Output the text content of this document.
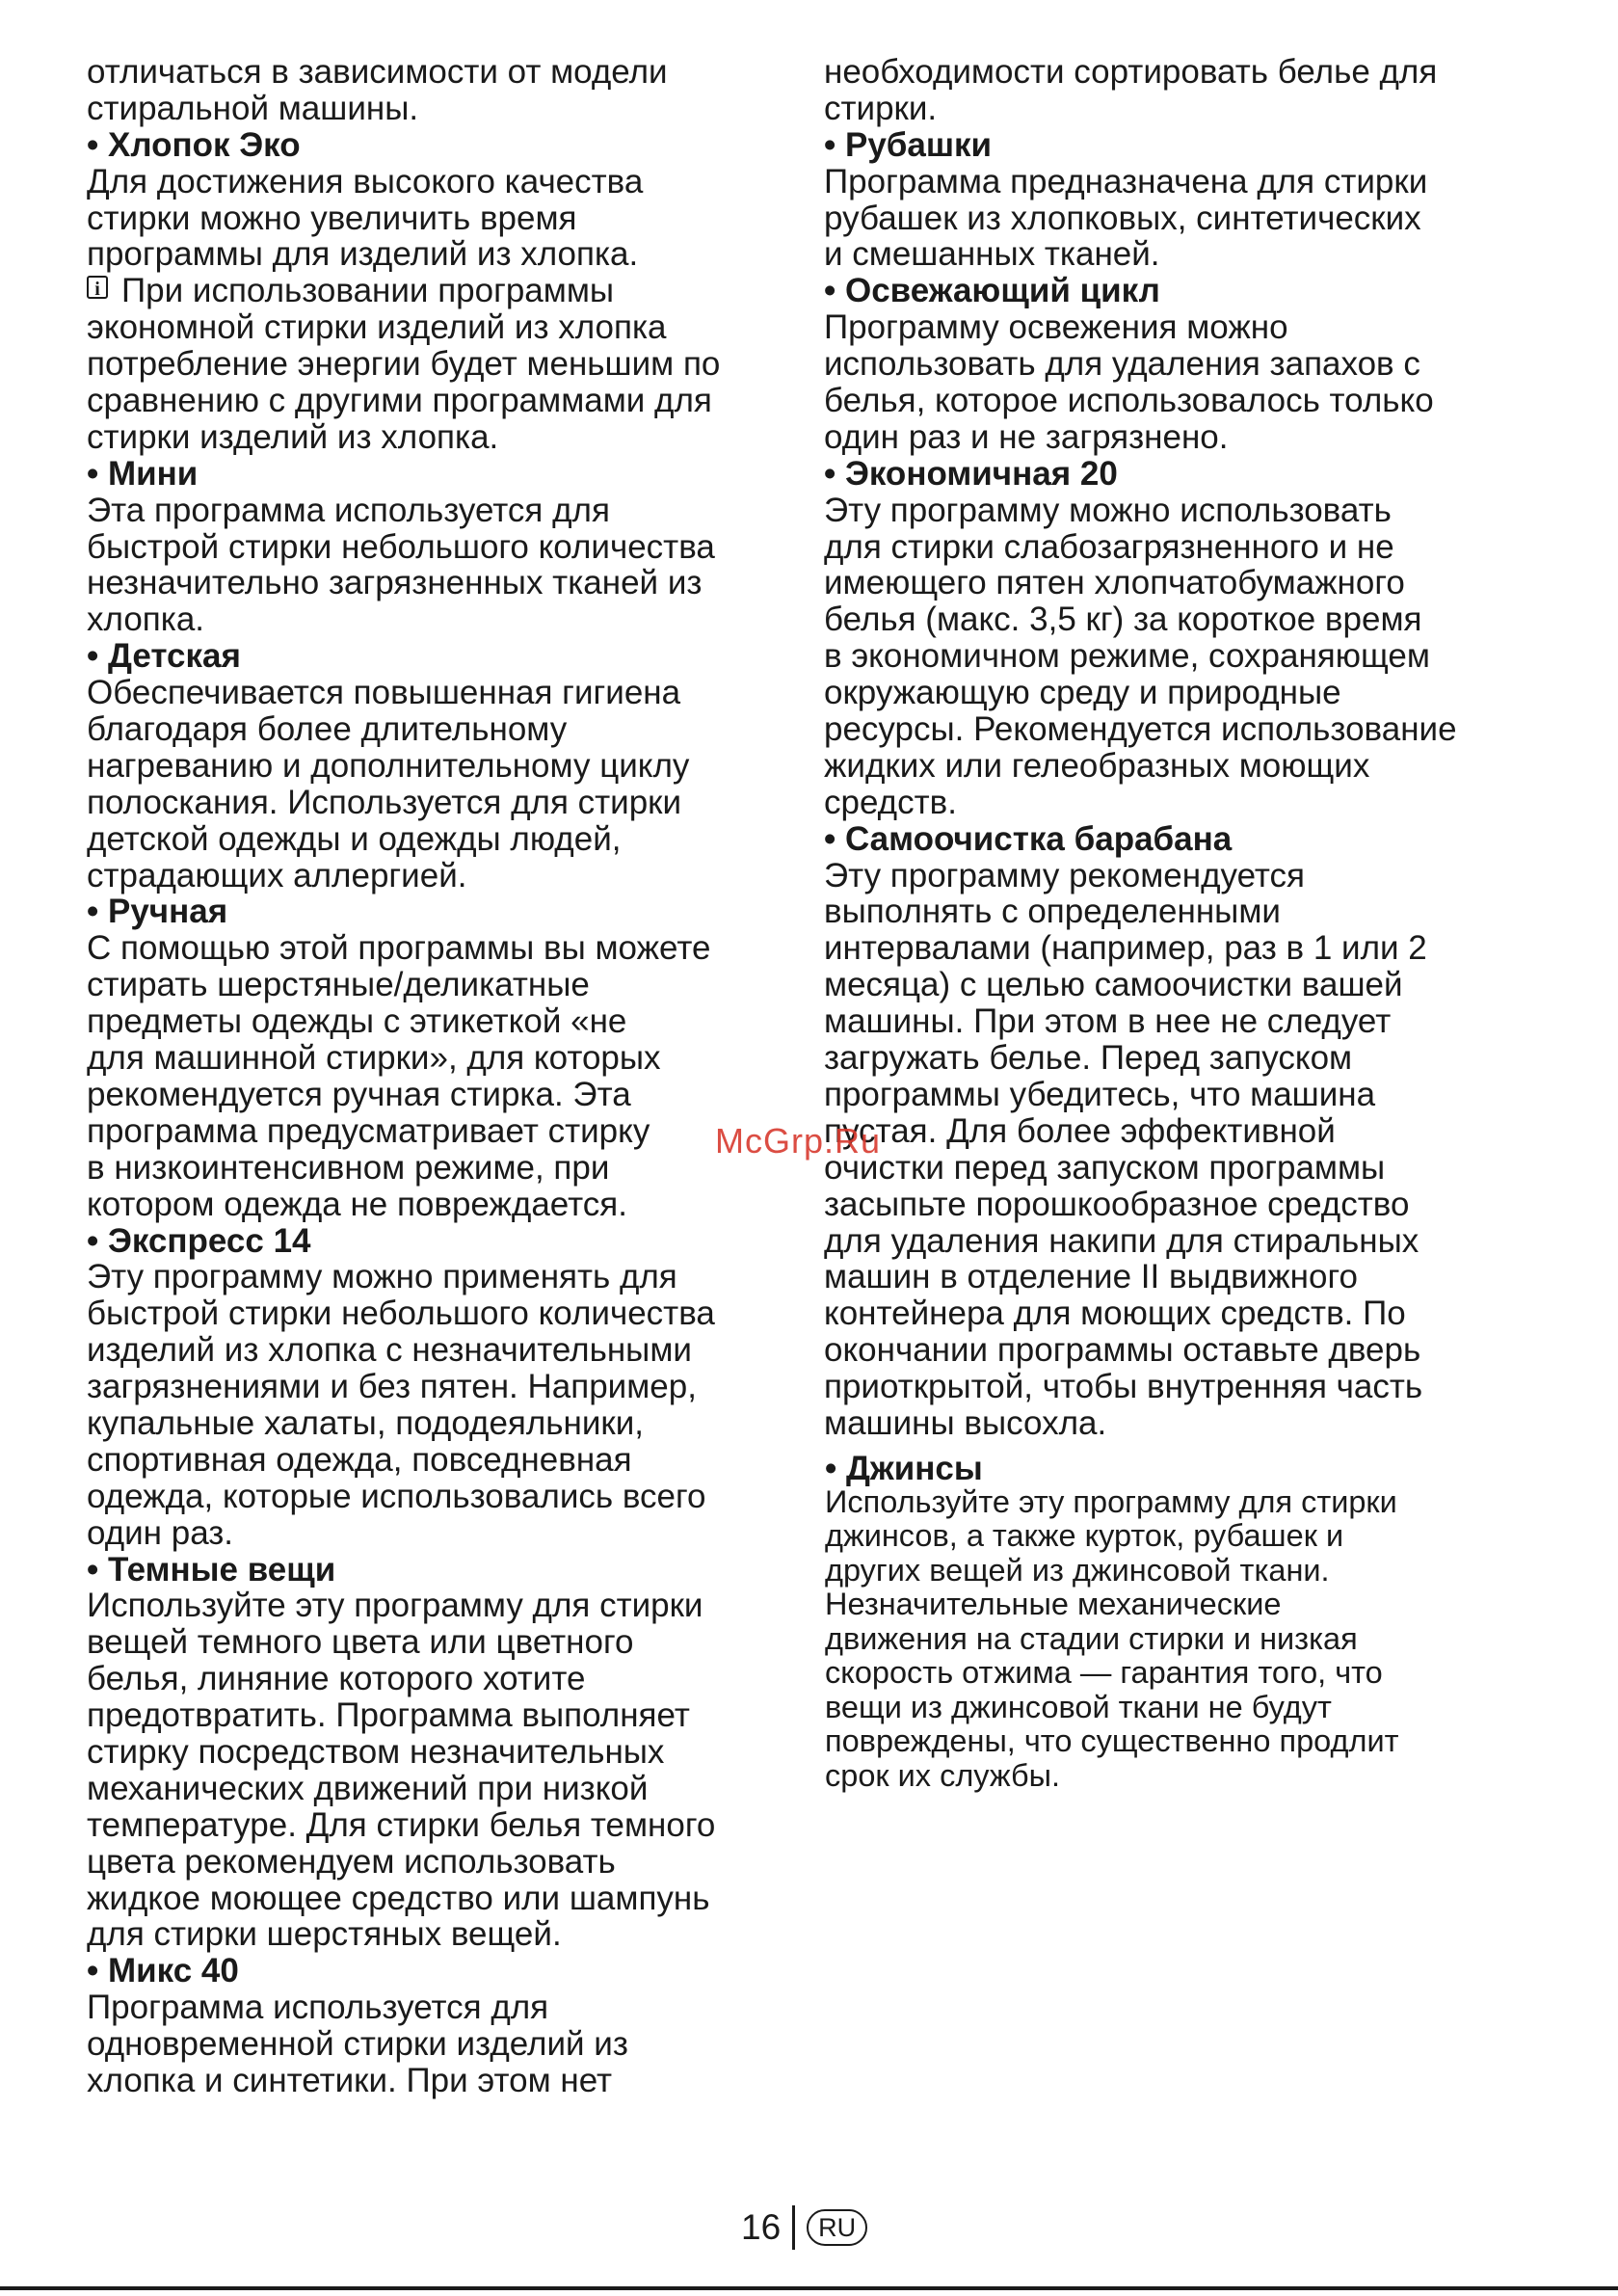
отличаться в зависимости от модели
стиральной машины.
• Хлопок Эко
Для достижения высокого качества
стирки можно увеличить время
программы для изделий из хлопка.
iПри использовании программы
экономной стирки изделий из хлопка
потребление энергии будет меньшим по
сравнению с другими программами для
стирки изделий из хлопка.
• Мини
Эта программа используется для
быстрой стирки небольшого количества
незначительно загрязненных тканей из
хлопка.
• Детская
Обеспечивается повышенная гигиена
благодаря более длительному
нагреванию и дополнительному циклу
полоскания. Используется для стирки
детской одежды и одежды людей,
страдающих аллергией.
• Ручная
С помощью этой программы вы можете
стирать шерстяные/деликатные
предметы одежды с этикеткой «не
для машинной стирки», для которых
рекомендуется ручная стирка. Эта
программа предусматривает стирку
в низкоинтенсивном режиме, при
котором одежда не повреждается.
• Экспресс 14
Эту программу можно применять для
быстрой стирки небольшого количества
изделий из хлопка с незначительными
загрязнениями и без пятен. Например,
купальные халаты, пододеяльники,
спортивная одежда, повседневная
одежда, которые использовались всего
один раз.
• Темные вещи
Используйте эту программу для стирки
вещей темного цвета или цветного
белья, линяние которого хотите
предотвратить. Программа выполняет
стирку посредством незначительных
механических движений при низкой
температуре. Для стирки белья темного
цвета рекомендуем использовать
жидкое моющее средство или шампунь
для стирки шерстяных вещей.
• Микс 40
Программа используется для
одновременной стирки изделий из
хлопка и синтетики. При этом нет
необходимости сортировать белье для
стирки.
• Рубашки
Программа предназначена для стирки
рубашек из хлопковых, синтетических
и смешанных тканей.
• Освежающий цикл
Программу освежения можно
использовать для удаления запахов с
белья, которое использовалось только
один раз и не загрязнено.
• Экономичная 20
Эту программу можно использовать
для стирки слабозагрязненного и не
имеющего пятен хлопчатобумажного
белья (макс. 3,5 кг) за короткое время
в экономичном режиме, сохраняющем
окружающую среду и природные
ресурсы. Рекомендуется использование
жидких или гелеобразных моющих
средств.
• Самоочистка барабана
Эту программу рекомендуется
выполнять с определенными
интервалами (например, раз в 1 или 2
месяца) с целью самоочистки вашей
машины. При этом в нее не следует
загружать белье. Перед запуском
программы убедитесь, что машина
пустая. Для более эффективной
очистки перед запуском программы
засыпьте порошкообразное средство
для удаления накипи для стиральных
машин в отделение II выдвижного
контейнера для моющих средств. По
окончании программы оставьте дверь
приоткрытой, чтобы внутренняя часть
машины высохла.
• Джинсы
Используйте эту программу для стирки
джинсов, а также курток, рубашек и
других вещей из джинсовой ткани.
Незначительные механические
движения на стадии стирки и низкая
скорость отжима — гарантия того, что
вещи из джинсовой ткани не будут
повреждены, что существенно продлит
срок их службы.
McGrp.Ru
16	RU
